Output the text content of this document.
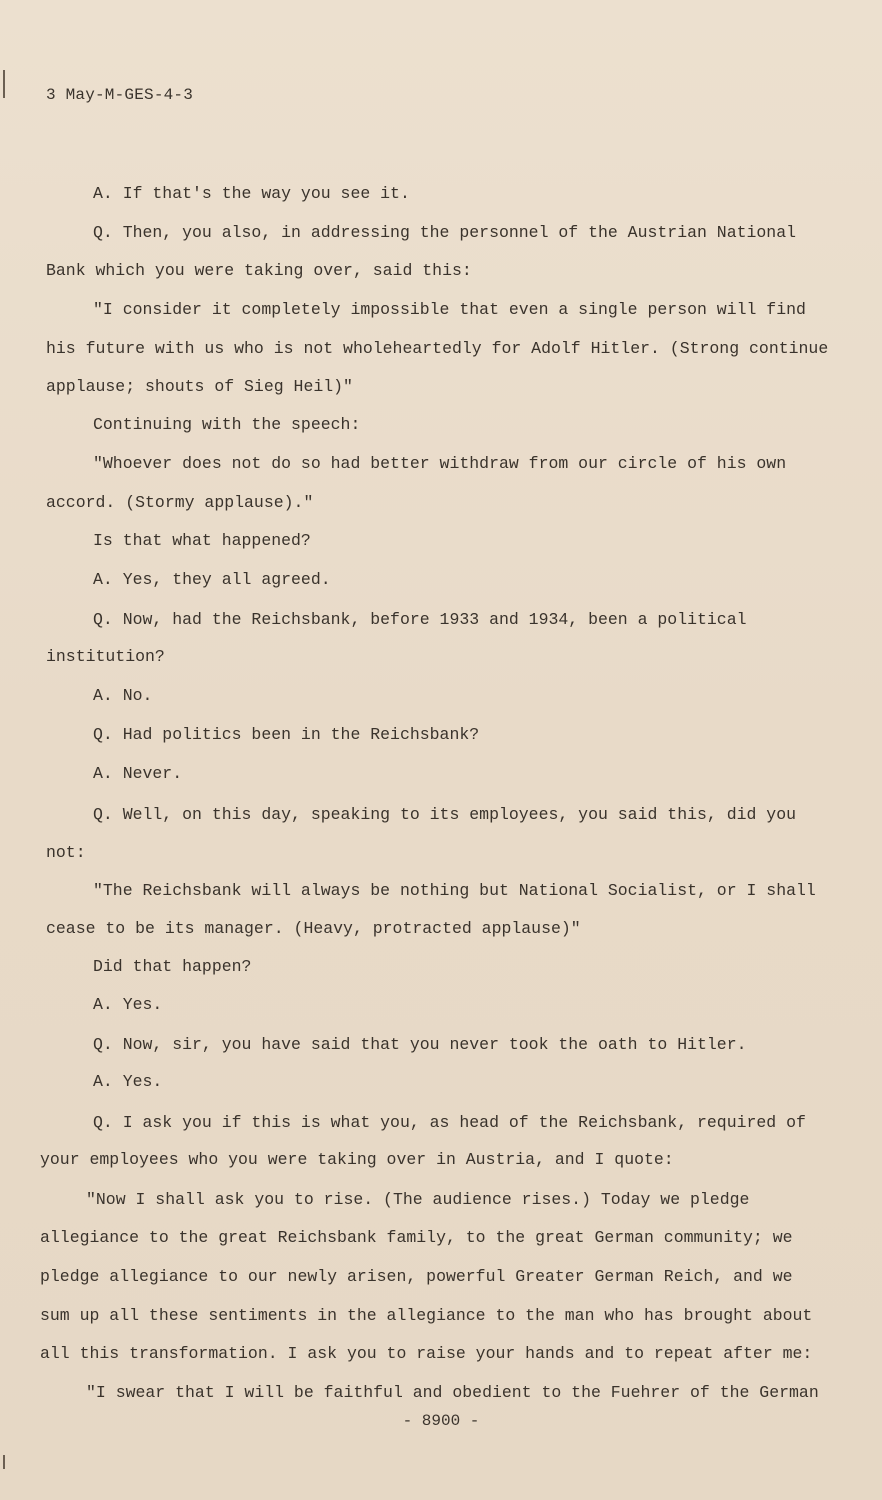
3 May-M-GES-4-3
A. If that's the way you see it.
Q. Then, you also, in addressing the personnel of the Austrian National
Bank which you were taking over, said this:
"I consider it completely impossible that even a single person will find
his future with us who is not wholeheartedly for Adolf Hitler. (Strong continue
applause; shouts of Sieg Heil)"
Continuing with the speech:
"Whoever does not do so had better withdraw from our circle of his own
accord. (Stormy applause)."
Is that what happened?
A. Yes, they all agreed.
Q. Now, had the Reichsbank, before 1933 and 1934, been a political
institution?
A. No.
Q. Had politics been in the Reichsbank?
A. Never.
Q. Well, on this day, speaking to its employees, you said this, did you
not:
"The Reichsbank will always be nothing but National Socialist, or I shall
cease to be its manager. (Heavy, protracted applause)"
Did that happen?
A. Yes.
Q. Now, sir, you have said that you never took the oath to Hitler.
A. Yes.
Q. I ask you if this is what you, as head of the Reichsbank, required of
your employees who you were taking over in Austria, and I quote:
"Now I shall ask you to rise. (The audience rises.) Today we pledge
allegiance to the great Reichsbank family, to the great German community; we
pledge allegiance to our newly arisen, powerful Greater German Reich, and we
sum up all these sentiments in the allegiance to the man who has brought about
all this transformation. I ask you to raise your hands and to repeat after me:
"I swear that I will be faithful and obedient to the Fuehrer of the German
- 8900 -
